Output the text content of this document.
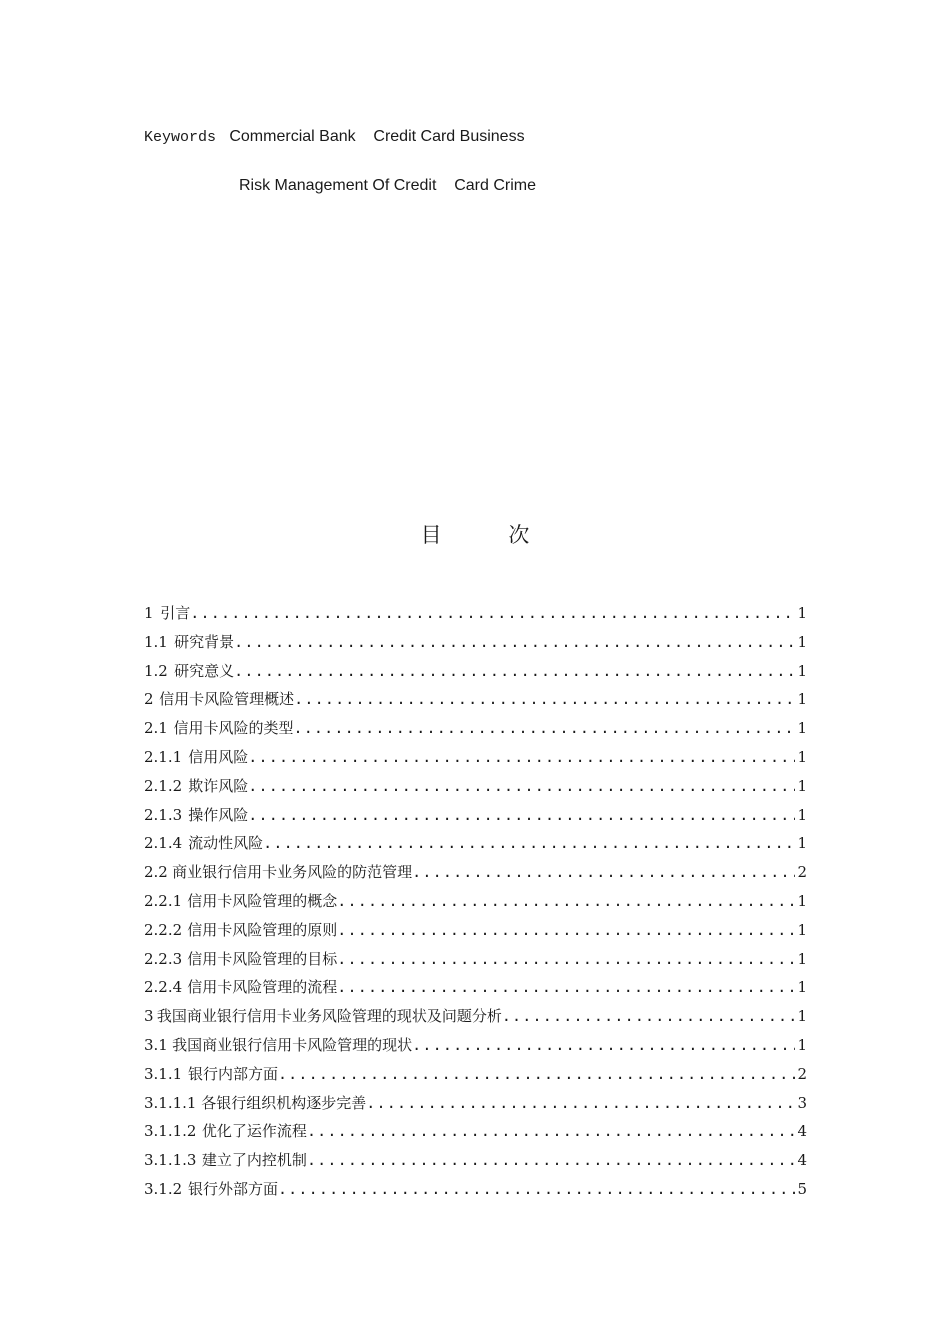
Keywords   Commercial Bank    Credit Card Business
Risk Management Of Credit    Card Crime
目 次
1 引言 .....	1
1.1 研究背景 .....	1
1.2 研究意义 .....	1
2 信用卡风险管理概述 .....	1
2.1 信用卡风险的类型 .....	1
2.1.1 信用风险 .....	1
2.1.2 欺诈风险 .....	1
2.1.3 操作风险 .....	1
2.1.4 流动性风险 .....	1
2.2 商业银行信用卡业务风险的防范管理 .....	2
2.2.1 信用卡风险管理的概念 .....	1
2.2.2 信用卡风险管理的原则 .....	1
2.2.3 信用卡风险管理的目标 .....	1
2.2.4 信用卡风险管理的流程 .....	1
3 我国商业银行信用卡业务风险管理的现状及问题分析 .....	1
3.1 我国商业银行信用卡风险管理的现状 .....	1
3.1.1 银行内部方面 .....	2
3.1.1.1 各银行组织机构逐步完善 .....	3
3.1.1.2 优化了运作流程 .....	4
3.1.1.3 建立了内控机制 .....	4
3.1.2 银行外部方面 .....	5
